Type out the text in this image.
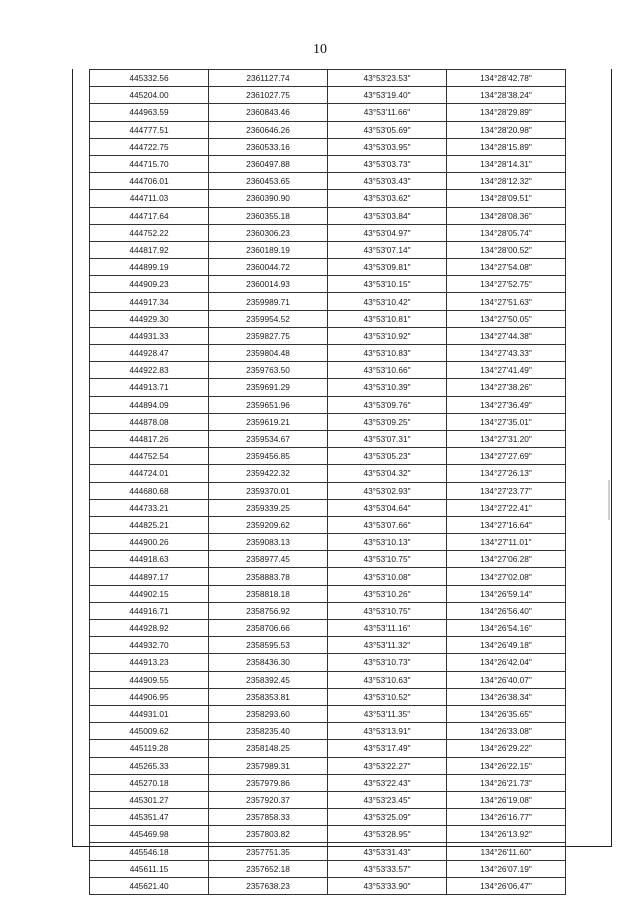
10
445332.56	2361127.74	43°53'23.53"	134°28'42.78"
445204.00	2361027.75	43°53'19.40"	134°28'38.24"
444963.59	2360843.46	43°53'11.66"	134°28'29.89"
444777.51	2360646.26	43°53'05.69"	134°28'20.98"
444722.75	2360533.16	43°53'03.95"	134°28'15.89"
444715.70	2360497.88	43°53'03.73"	134°28'14.31"
444706.01	2360453.65	43°53'03.43"	134°28'12.32"
444711.03	2360390.90	43°53'03.62"	134°28'09.51"
444717.64	2360355.18	43°53'03.84"	134°28'08.36"
444752.22	2360306.23	43°53'04.97"	134°28'05.74"
444817.92	2360189.19	43°53'07.14"	134°28'00.52"
444899.19	2360044.72	43°53'09.81"	134°27'54.08"
444909.23	2360014.93	43°53'10.15"	134°27'52.75"
444917.34	2359989.71	43°53'10.42"	134°27'51.63"
444929.30	2359954.52	43°53'10.81"	134°27'50.05"
444931.33	2359827.75	43°53'10.92"	134°27'44.38"
444928.47	2359804.48	43°53'10.83"	134°27'43.33"
444922.83	2359763.50	43°53'10.66"	134°27'41.49"
444913.71	2359691.29	43°53'10.39"	134°27'38.26"
444894.09	2359651.96	43°53'09.76"	134°27'36.49"
444878.08	2359619.21	43°53'09.25"	134°27'35.01"
444817.26	2359534.67	43°53'07.31"	134°27'31.20"
444752.54	2359456.85	43°53'05.23"	134°27'27.69"
444724.01	2359422.32	43°53'04.32"	134°27'26.13"
444680.68	2359370.01	43°53'02.93"	134°27'23.77"
444733.21	2359339.25	43°53'04.64"	134°27'22.41"
444825.21	2359209.62	43°53'07.66"	134°27'16.64"
444900.26	2359083.13	43°53'10.13"	134°27'11.01"
444918.63	2358977.45	43°53'10.75"	134°27'06.28"
444897.17	2358883.78	43°53'10.08"	134°27'02.08"
444902.15	2358818.18	43°53'10.26"	134°26'59.14"
444916.71	2358756.92	43°53'10.75"	134°26'56.40"
444928.92	2358706.66	43°53'11.16"	134°26'54.16"
444932.70	2358595.53	43°53'11.32"	134°26'49.18"
444913.23	2358436.30	43°53'10.73"	134°26'42.04"
444909.55	2358392.45	43°53'10.63"	134°26'40.07"
444906.95	2358353.81	43°53'10.52"	134°26'38.34"
444931.01	2358293.60	43°53'11.35"	134°26'35.65"
445009.62	2358235.40	43°53'13.91"	134°26'33.08"
445119.28	2358148.25	43°53'17.49"	134°26'29.22"
445265.33	2357989.31	43°53'22.27"	134°26'22.15"
445270.18	2357979.86	43°53'22.43"	134°26'21.73"
445301.27	2357920.37	43°53'23.45"	134°26'19.08"
445351.47	2357858.33	43°53'25.09"	134°26'16.77"
445469.98	2357803.82	43°53'28.95"	134°26'13.92"
445546.18	2357751.35	43°53'31.43"	134°26'11.60"
445611.15	2357652.18	43°53'33.57"	134°26'07.19"
445621.40	2357638.23	43°53'33.90"	134°26'06.47"
